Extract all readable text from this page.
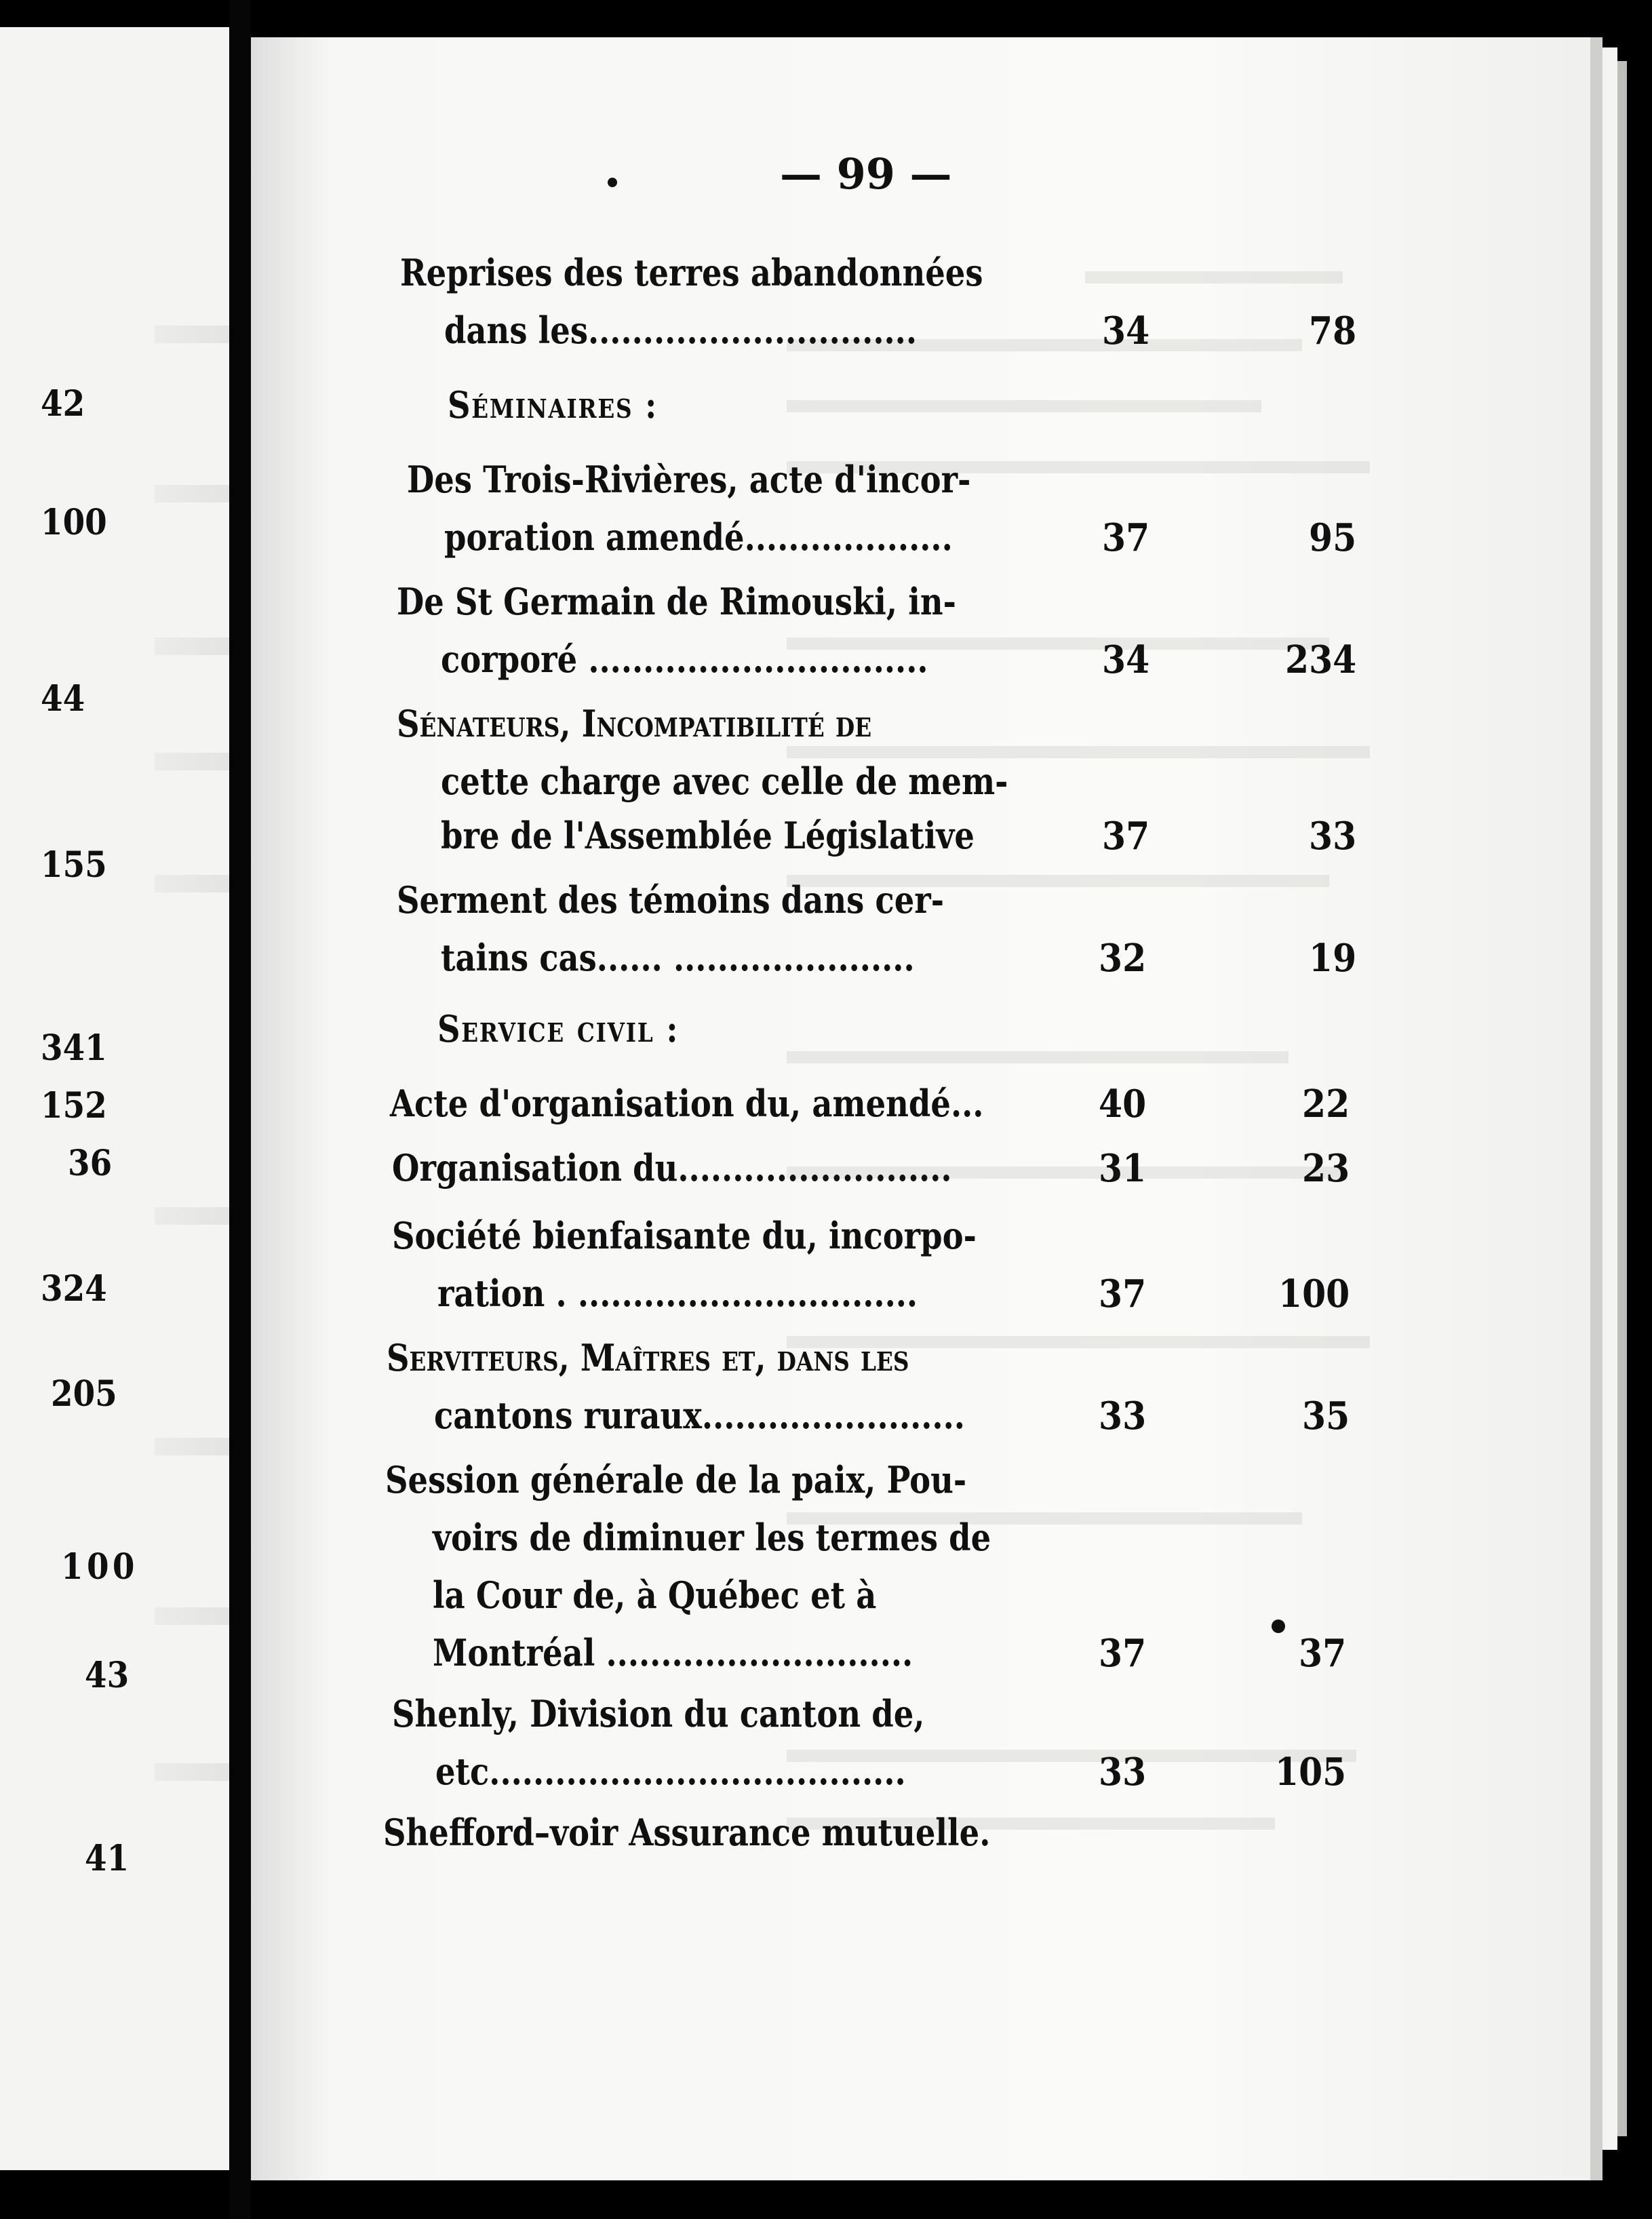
42
100
44
155
341
152
36
324
205
100
43
41
— 99 —
Reprises des terres abandonnées
dans les..............................	34	78
Séminaires :
Des Trois-Rivières, acte d'incor-
poration amendé...................	37	95
De St Germain de Rimouski, in-
corporé ...............................	34	234
Sénateurs, Incompatibilité de
cette charge avec celle de mem-
bre de l'Assemblée Législative	37	33
Serment des témoins dans cer-
tains cas...... ......................	32	19
Service civil :
Acte d'organisation du, amendé...	40	22
Organisation du.........................	31	23
Société bienfaisante du, incorpo-
ration . ...............................	37	100
Serviteurs, Maîtres et, dans les
cantons ruraux........................	33	35
Session générale de la paix, Pou-
voirs de diminuer les termes de
la Cour de, à Québec et à
Montréal ............................	37	37
Shenly, Division du canton de,
etc......................................	33	105
Shefford–voir Assurance mutuelle.
